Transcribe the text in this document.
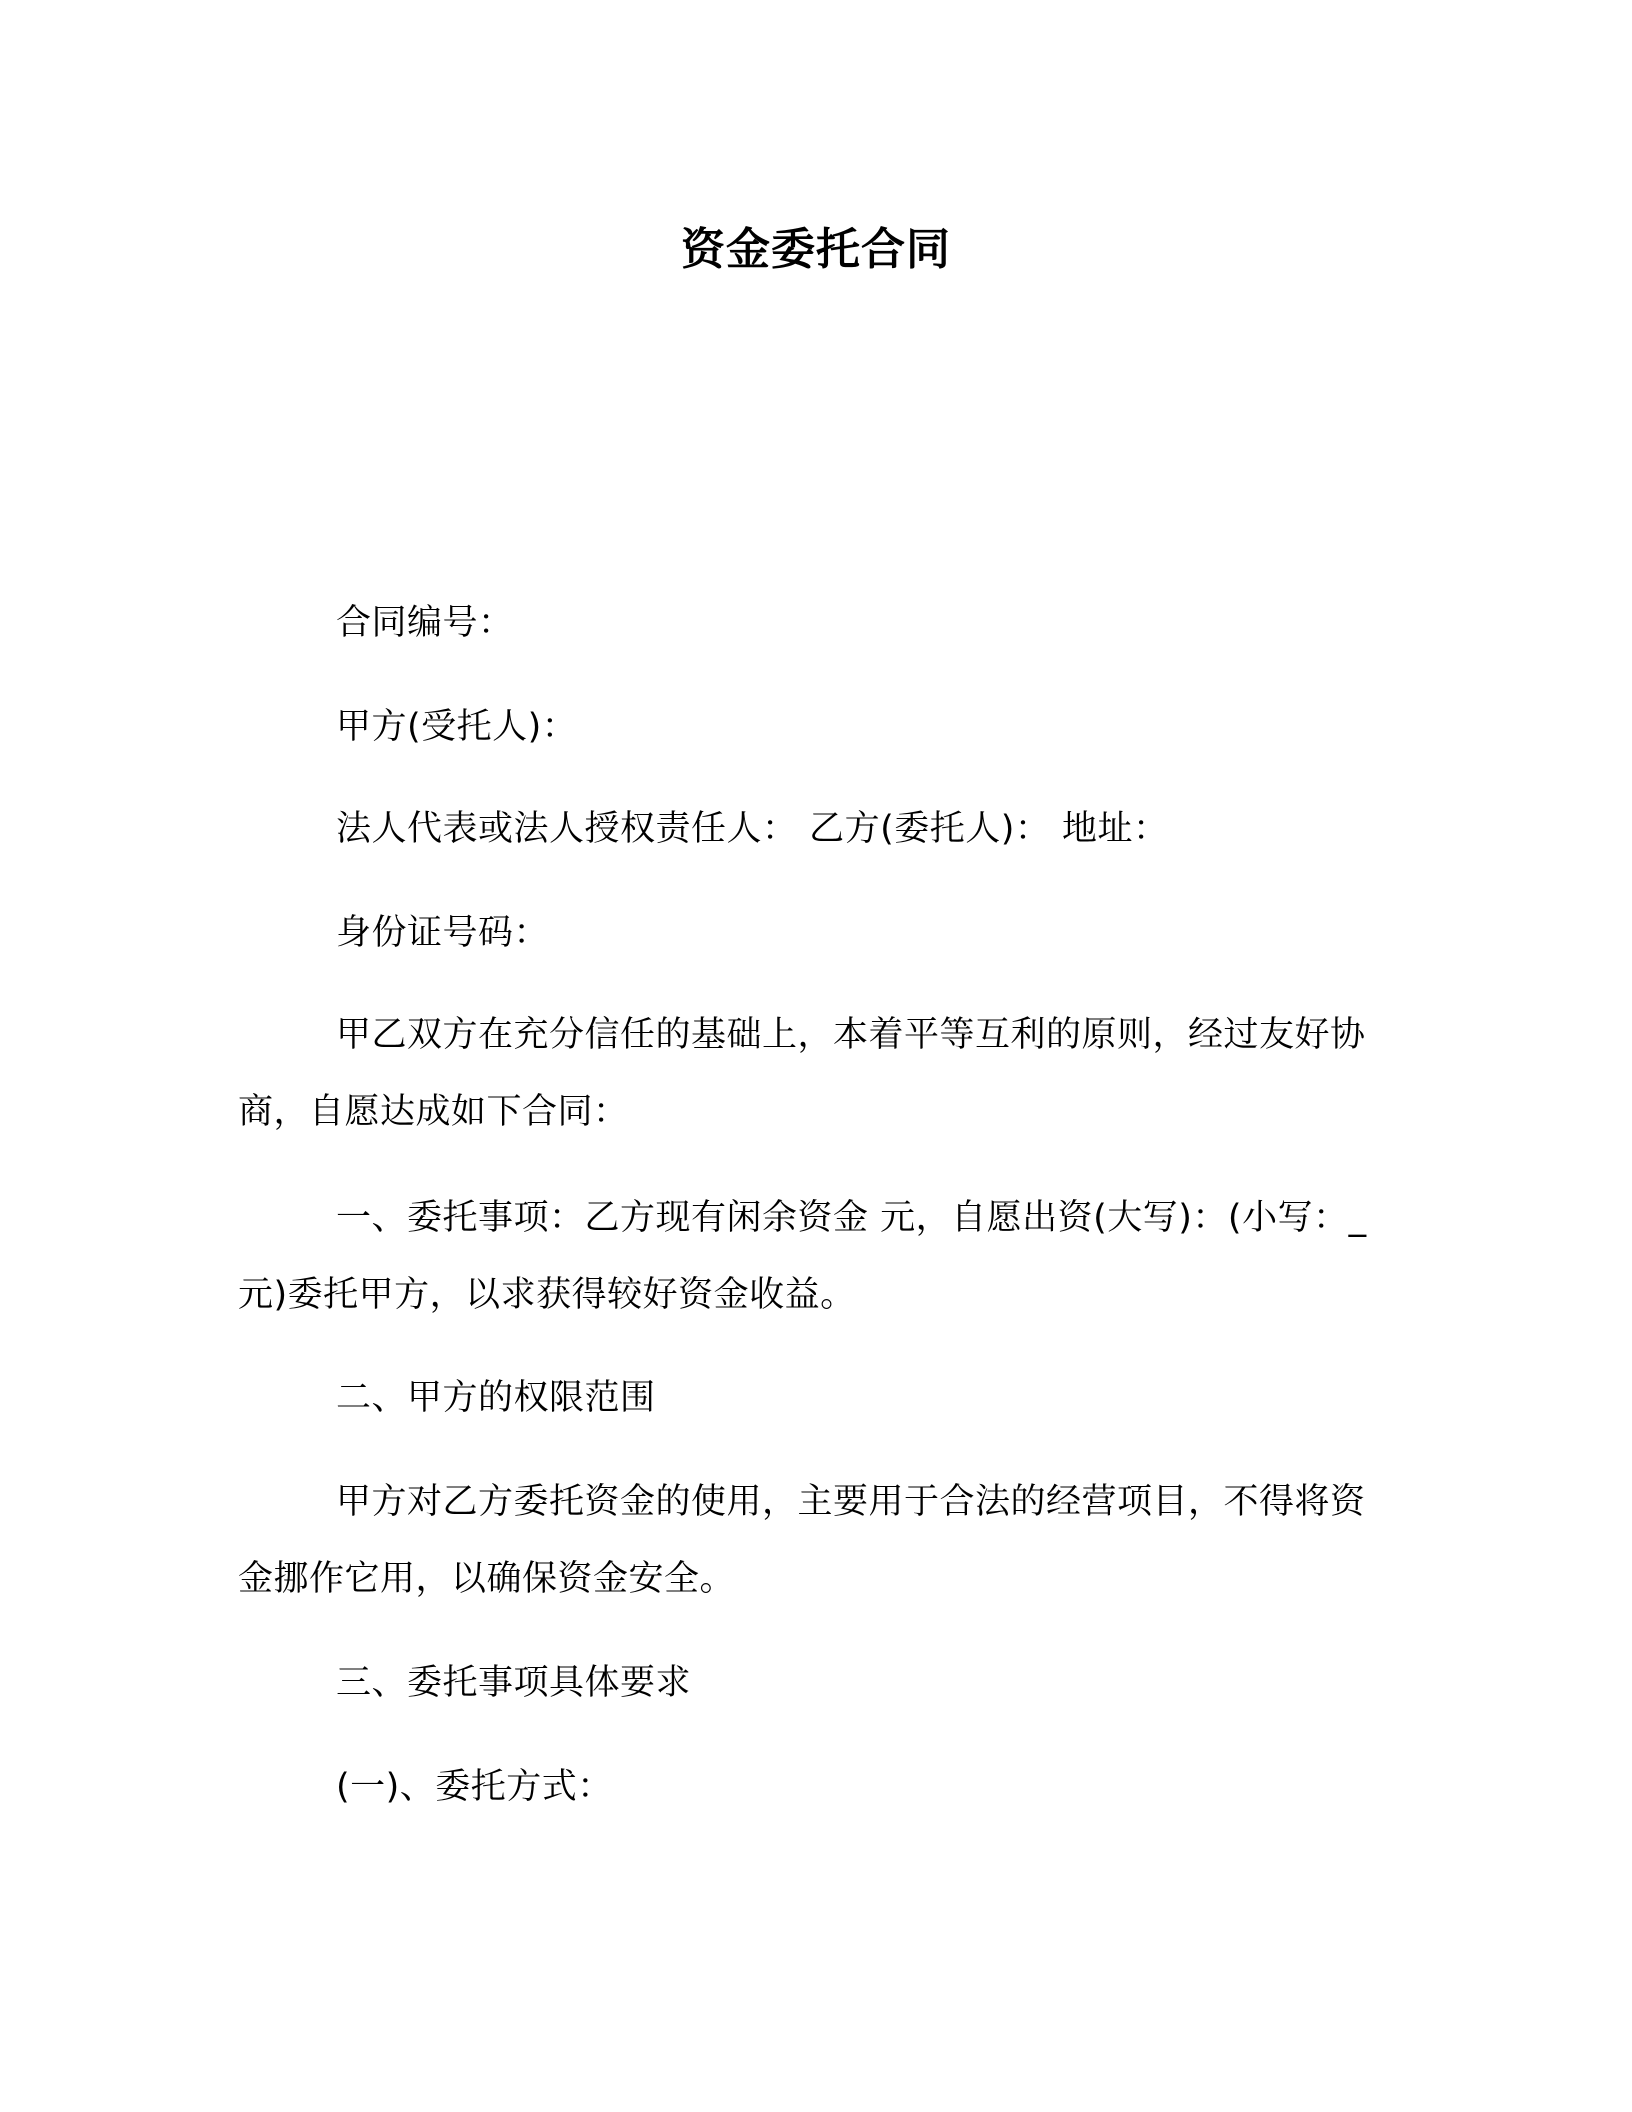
资金委托合同
合同编号：
甲方(受托人)：
法人代表或法人授权责任人： 乙方(委托人)： 地址：
身份证号码：
甲乙双方在充分信任的基础上，本着平等互利的原则，经过友好协商，自愿达成如下合同：
一、委托事项：乙方现有闲余资金 元，自愿出资(大写)：(小写：_元)委托甲方，以求获得较好资金收益。
二、甲方的权限范围
甲方对乙方委托资金的使用，主要用于合法的经营项目，不得将资金挪作它用，以确保资金安全。
三、委托事项具体要求
(一)、委托方式：
